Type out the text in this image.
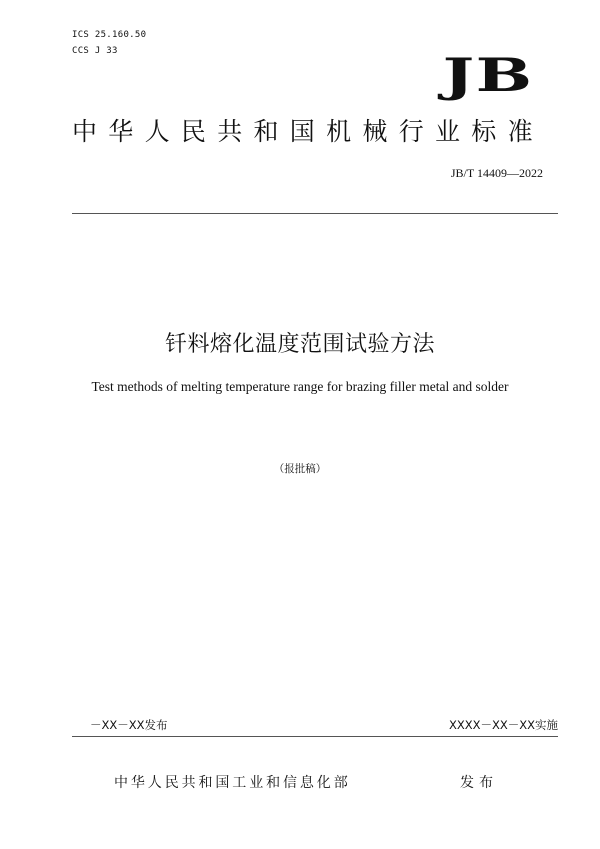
ICS 25.160.50
CCS J 33	JB
中华人民共和国机械行业标准
JB/T 14409—2022
钎料熔化温度范围试验方法
Test methods of melting temperature range for brazing filler metal and solder
（报批稿）
－XX－XX发布	XXXX－XX－XX实施
中华人民共和国工业和信息化部	发布
